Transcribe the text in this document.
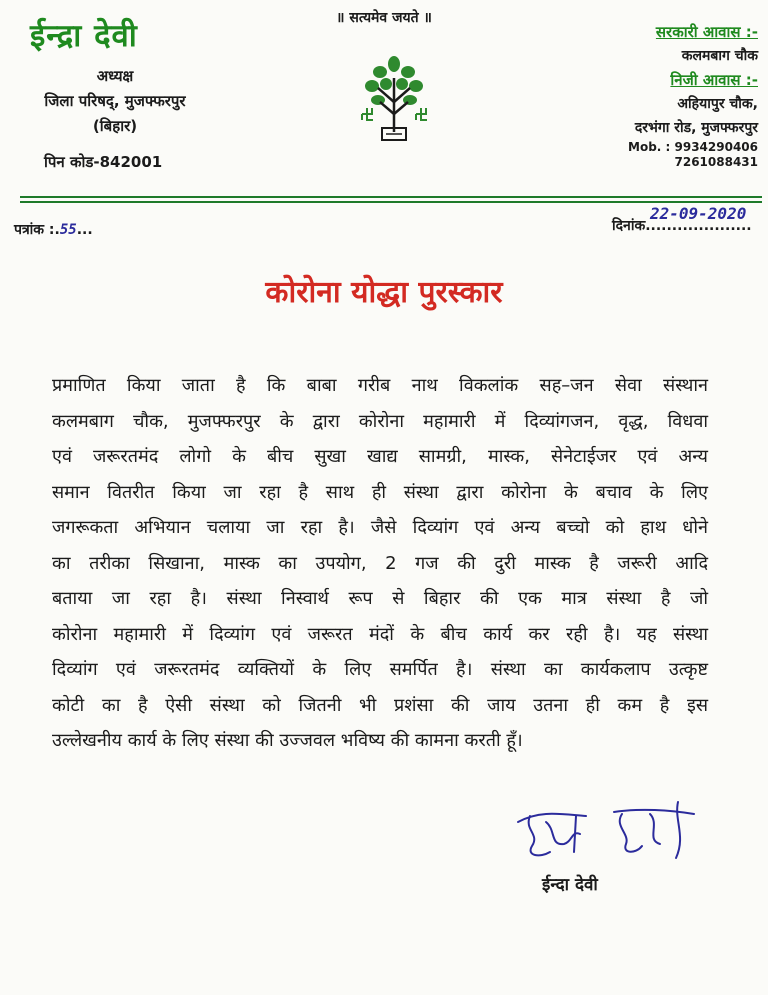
॥ सत्यमेव जयते ॥
ईन्द्रा देवी
अध्यक्ष
जिला परिषद्, मुजफ्फरपुर
(बिहार)
पिन कोड-842001
सरकारी आवास :-
कलमबाग चौक
निजी आवास :-
अहियापुर चौक,
दरभंगा रोड, मुजफ्फरपुर
Mob. : 9934290406
7261088431
पत्रांक :.55...
22-09-2020
दिनांक....................
कोरोना योद्धा पुरस्कार
प्रमाणित किया जाता है कि बाबा गरीब नाथ विकलांक सह–जन सेवा संस्थान
कलमबाग चौक, मुजफ्फरपुर के द्वारा कोरोना महामारी में दिव्यांगजन, वृद्ध, विधवा
एवं जरूरतमंद लोगो के बीच सुखा खाद्य सामग्री, मास्क, सेनेटाईजर एवं अन्य
समान वितरीत किया जा रहा है साथ ही संस्था द्वारा कोरोना के बचाव के लिए
जगरूकता अभियान चलाया जा रहा है। जैसे दिव्यांग एवं अन्य बच्चो को हाथ धोने
का तरीका सिखाना, मास्क का उपयोग, 2 गज की दुरी मास्क है जरूरी आदि
बताया जा रहा है। संस्था निस्वार्थ रूप से बिहार की एक मात्र संस्था है जो
कोरोना महामारी में दिव्यांग एवं जरूरत मंदों के बीच कार्य कर रही है। यह संस्था
दिव्यांग एवं जरूरतमंद व्यक्तियों के लिए समर्पित है। संस्था का कार्यकलाप उत्कृष्ट
कोटी का है ऐसी संस्था को जितनी भी प्रशंसा की जाय उतना ही कम है इस
उल्लेखनीय कार्य के लिए संस्था की उज्जवल भविष्य की कामना करती हूँ।
ईन्दा देवी
